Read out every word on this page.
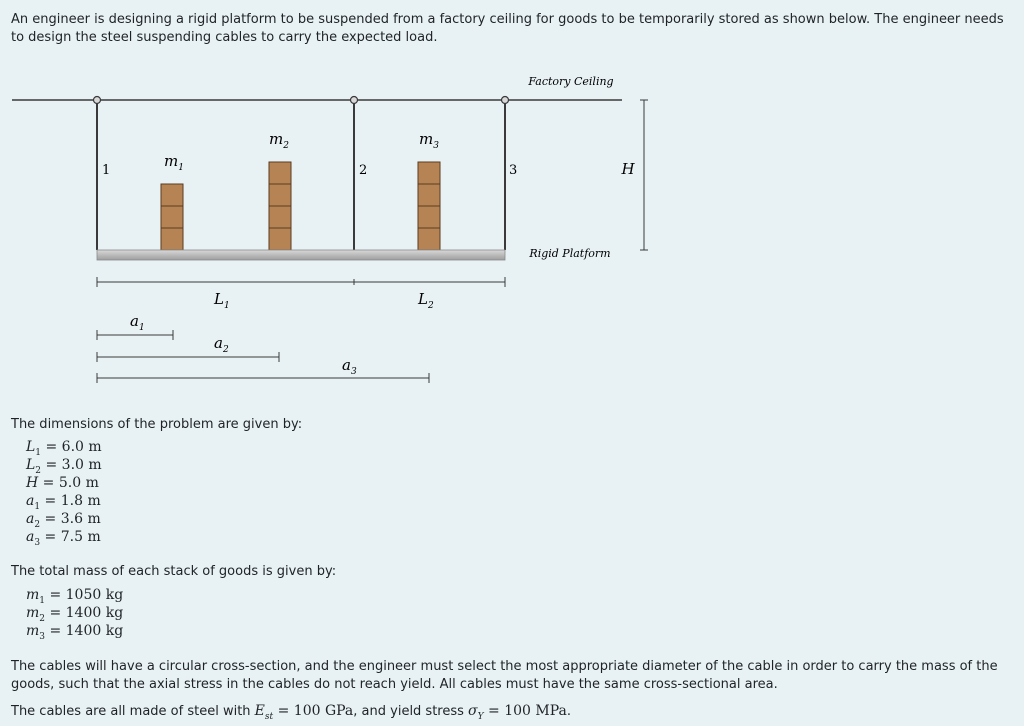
An engineer is designing a rigid platform to be suspended from a factory ceiling for goods to be temporarily stored as shown below. The engineer needs to design the steel suspending cables to carry the expected load.

Factory Ceiling
1	2	3
$m_1$
$m_2$	$m_3$
Rigid Platform
H
$L_1$	$L_2$
$a_1$
$a_2$
$a_3$

The dimensions of the problem are given by:

$L_1 = 6.0$ m
$L_2 = 3.0$ m
H = 5.0 m
$a_1 = 1.8$ m
$a_2 = 3.6$ m
$a_3 = 7.5$ m

The total mass of each stack of goods is given by:

$m_1 = 1050$ kg
$m_2 = 1400$ kg
$m_3 = 1400$ kg

The cables will have a circular cross-section, and the engineer must select the most appropriate diameter of the cable in order to carry the mass of the goods, such that the axial stress in the cables do not reach yield. All cables must have the same cross-sectional area.

The cables are all made of steel with $E_{st} = 100$ GPa, and yield stress $\sigma_Y = 100$ MPa.
